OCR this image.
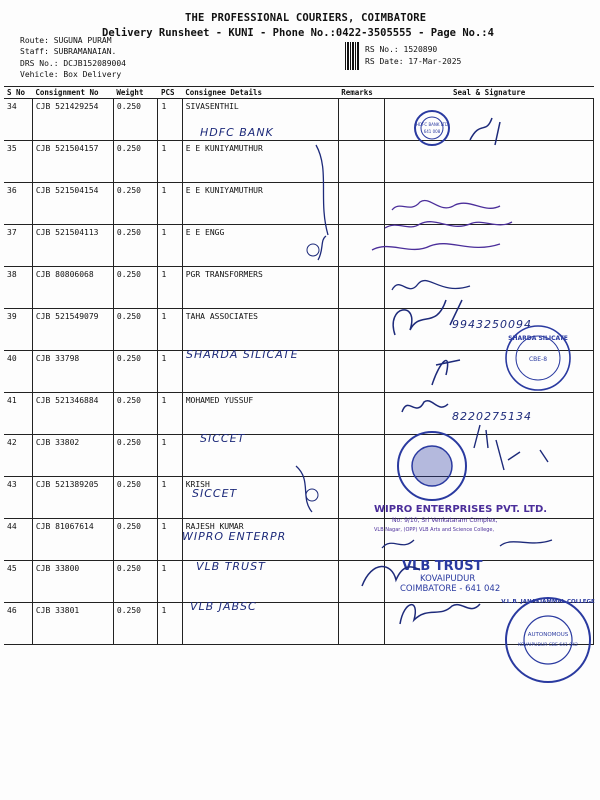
THE PROFESSIONAL COURIERS, COIMBATORE
Delivery Runsheet - KUNI - Phone No.:0422-3505555 - Page No.:4
Route: SUGUNA PURAM
Staff: SUBRAMANAIAN.
DRS No.: DCJB152089004
Vehicle: Box Delivery
RS No.: 1520890
RS Date: 17-Mar-2025
S No	Consignment No	Weight	PCS	Consignee Details	Remarks	Seal & Signature
34	CJB 521429254	0.250	1	SIVASENTHIL		
35	CJB 521504157	0.250	1	E E KUNIYAMUTHUR		
36	CJB 521504154	0.250	1	E E KUNIYAMUTHUR		
37	CJB 521504113	0.250	1	E E ENGG		
38	CJB 80806068	0.250	1	PGR TRANSFORMERS		
39	CJB 521549079	0.250	1	TAHA ASSOCIATES		
40	CJB 33798	0.250	1			
41	CJB 521346884	0.250	1	MOHAMED YUSSUF		
42	CJB 33802	0.250	1			
43	CJB 521389205	0.250	1	KRISH		
44	CJB 81067614	0.250	1	RAJESH KUMAR		
45	CJB 33800	0.250	1			
46	CJB 33801	0.250	1			
HDFC BANK
HDFC BANK LTD
641 008
9943250094
SHARDA SILICATE
SHARDA SILICATE
CBE-8
8220275134
SICCET
SICCET
WIPRO ENTERPR
WIPRO ENTERPRISES PVT. LTD.
No: 9/10, Sri Venkataram Complex,
VLB Nagar, (OPP) VLB Arts and Science College,
VLB TRUST	VLB TRUST
KOVAIPUDUR
COIMBATORE - 641 042
VLB JABSC	V.L.B. JANAKIAMMAL COLLEGE
AUTONOMOUS
KOVAIPUDUR CBE 641 042
